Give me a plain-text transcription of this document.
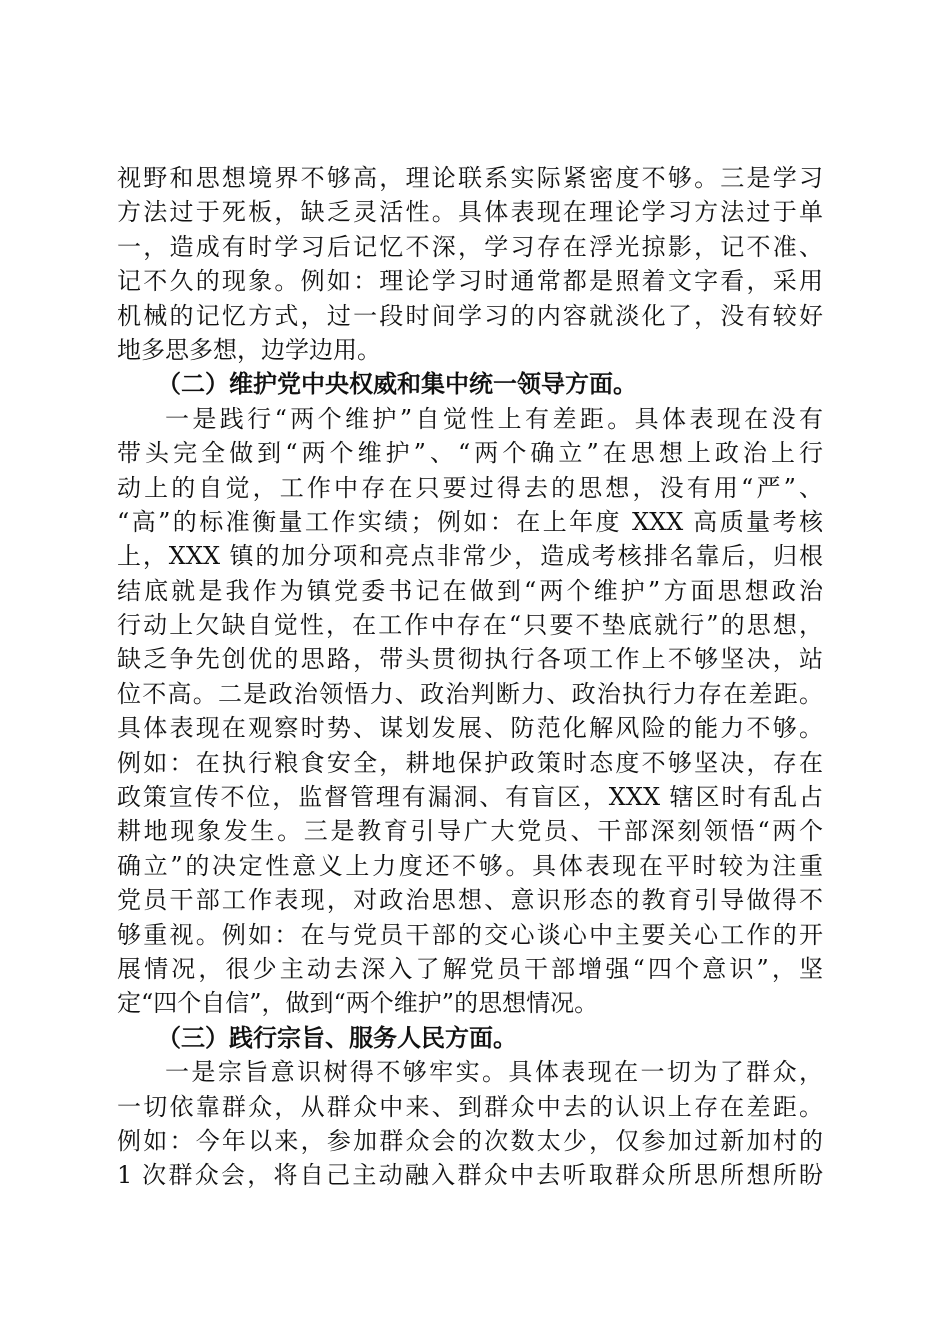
视野和思想境界不够高，理论联系实际紧密度不够。三是学习
方法过于死板，缺乏灵活性。具体表现在理论学习方法过于单
一，造成有时学习后记忆不深，学习存在浮光掠影，记不准、
记不久的现象。例如：理论学习时通常都是照着文字看，采用
机械的记忆方式，过一段时间学习的内容就淡化了，没有较好
地多思多想，边学边用。
（二）维护党中央权威和集中统一领导方面。
一是践行“两个维护”自觉性上有差距。具体表现在没有
带头完全做到“两个维护”、“两个确立”在思想上政治上行
动上的自觉，工作中存在只要过得去的思想，没有用“严”、
“高”的标准衡量工作实绩；例如：在上年度 XXX 高质量考核
上，XXX 镇的加分项和亮点非常少，造成考核排名靠后，归根
结底就是我作为镇党委书记在做到“两个维护”方面思想政治
行动上欠缺自觉性，在工作中存在“只要不垫底就行”的思想，
缺乏争先创优的思路，带头贯彻执行各项工作上不够坚决，站
位不高。二是政治领悟力、政治判断力、政治执行力存在差距。
具体表现在观察时势、谋划发展、防范化解风险的能力不够。
例如：在执行粮食安全，耕地保护政策时态度不够坚决，存在
政策宣传不位，监督管理有漏洞、有盲区，XXX 辖区时有乱占
耕地现象发生。三是教育引导广大党员、干部深刻领悟“两个
确立”的决定性意义上力度还不够。具体表现在平时较为注重
党员干部工作表现，对政治思想、意识形态的教育引导做得不
够重视。例如：在与党员干部的交心谈心中主要关心工作的开
展情况，很少主动去深入了解党员干部增强“四个意识”，坚
定“四个自信”，做到“两个维护”的思想情况。
（三）践行宗旨、服务人民方面。
一是宗旨意识树得不够牢实。具体表现在一切为了群众，
一切依靠群众，从群众中来、到群众中去的认识上存在差距。
例如：今年以来，参加群众会的次数太少，仅参加过新加村的
1 次群众会，将自己主动融入群众中去听取群众所思所想所盼
